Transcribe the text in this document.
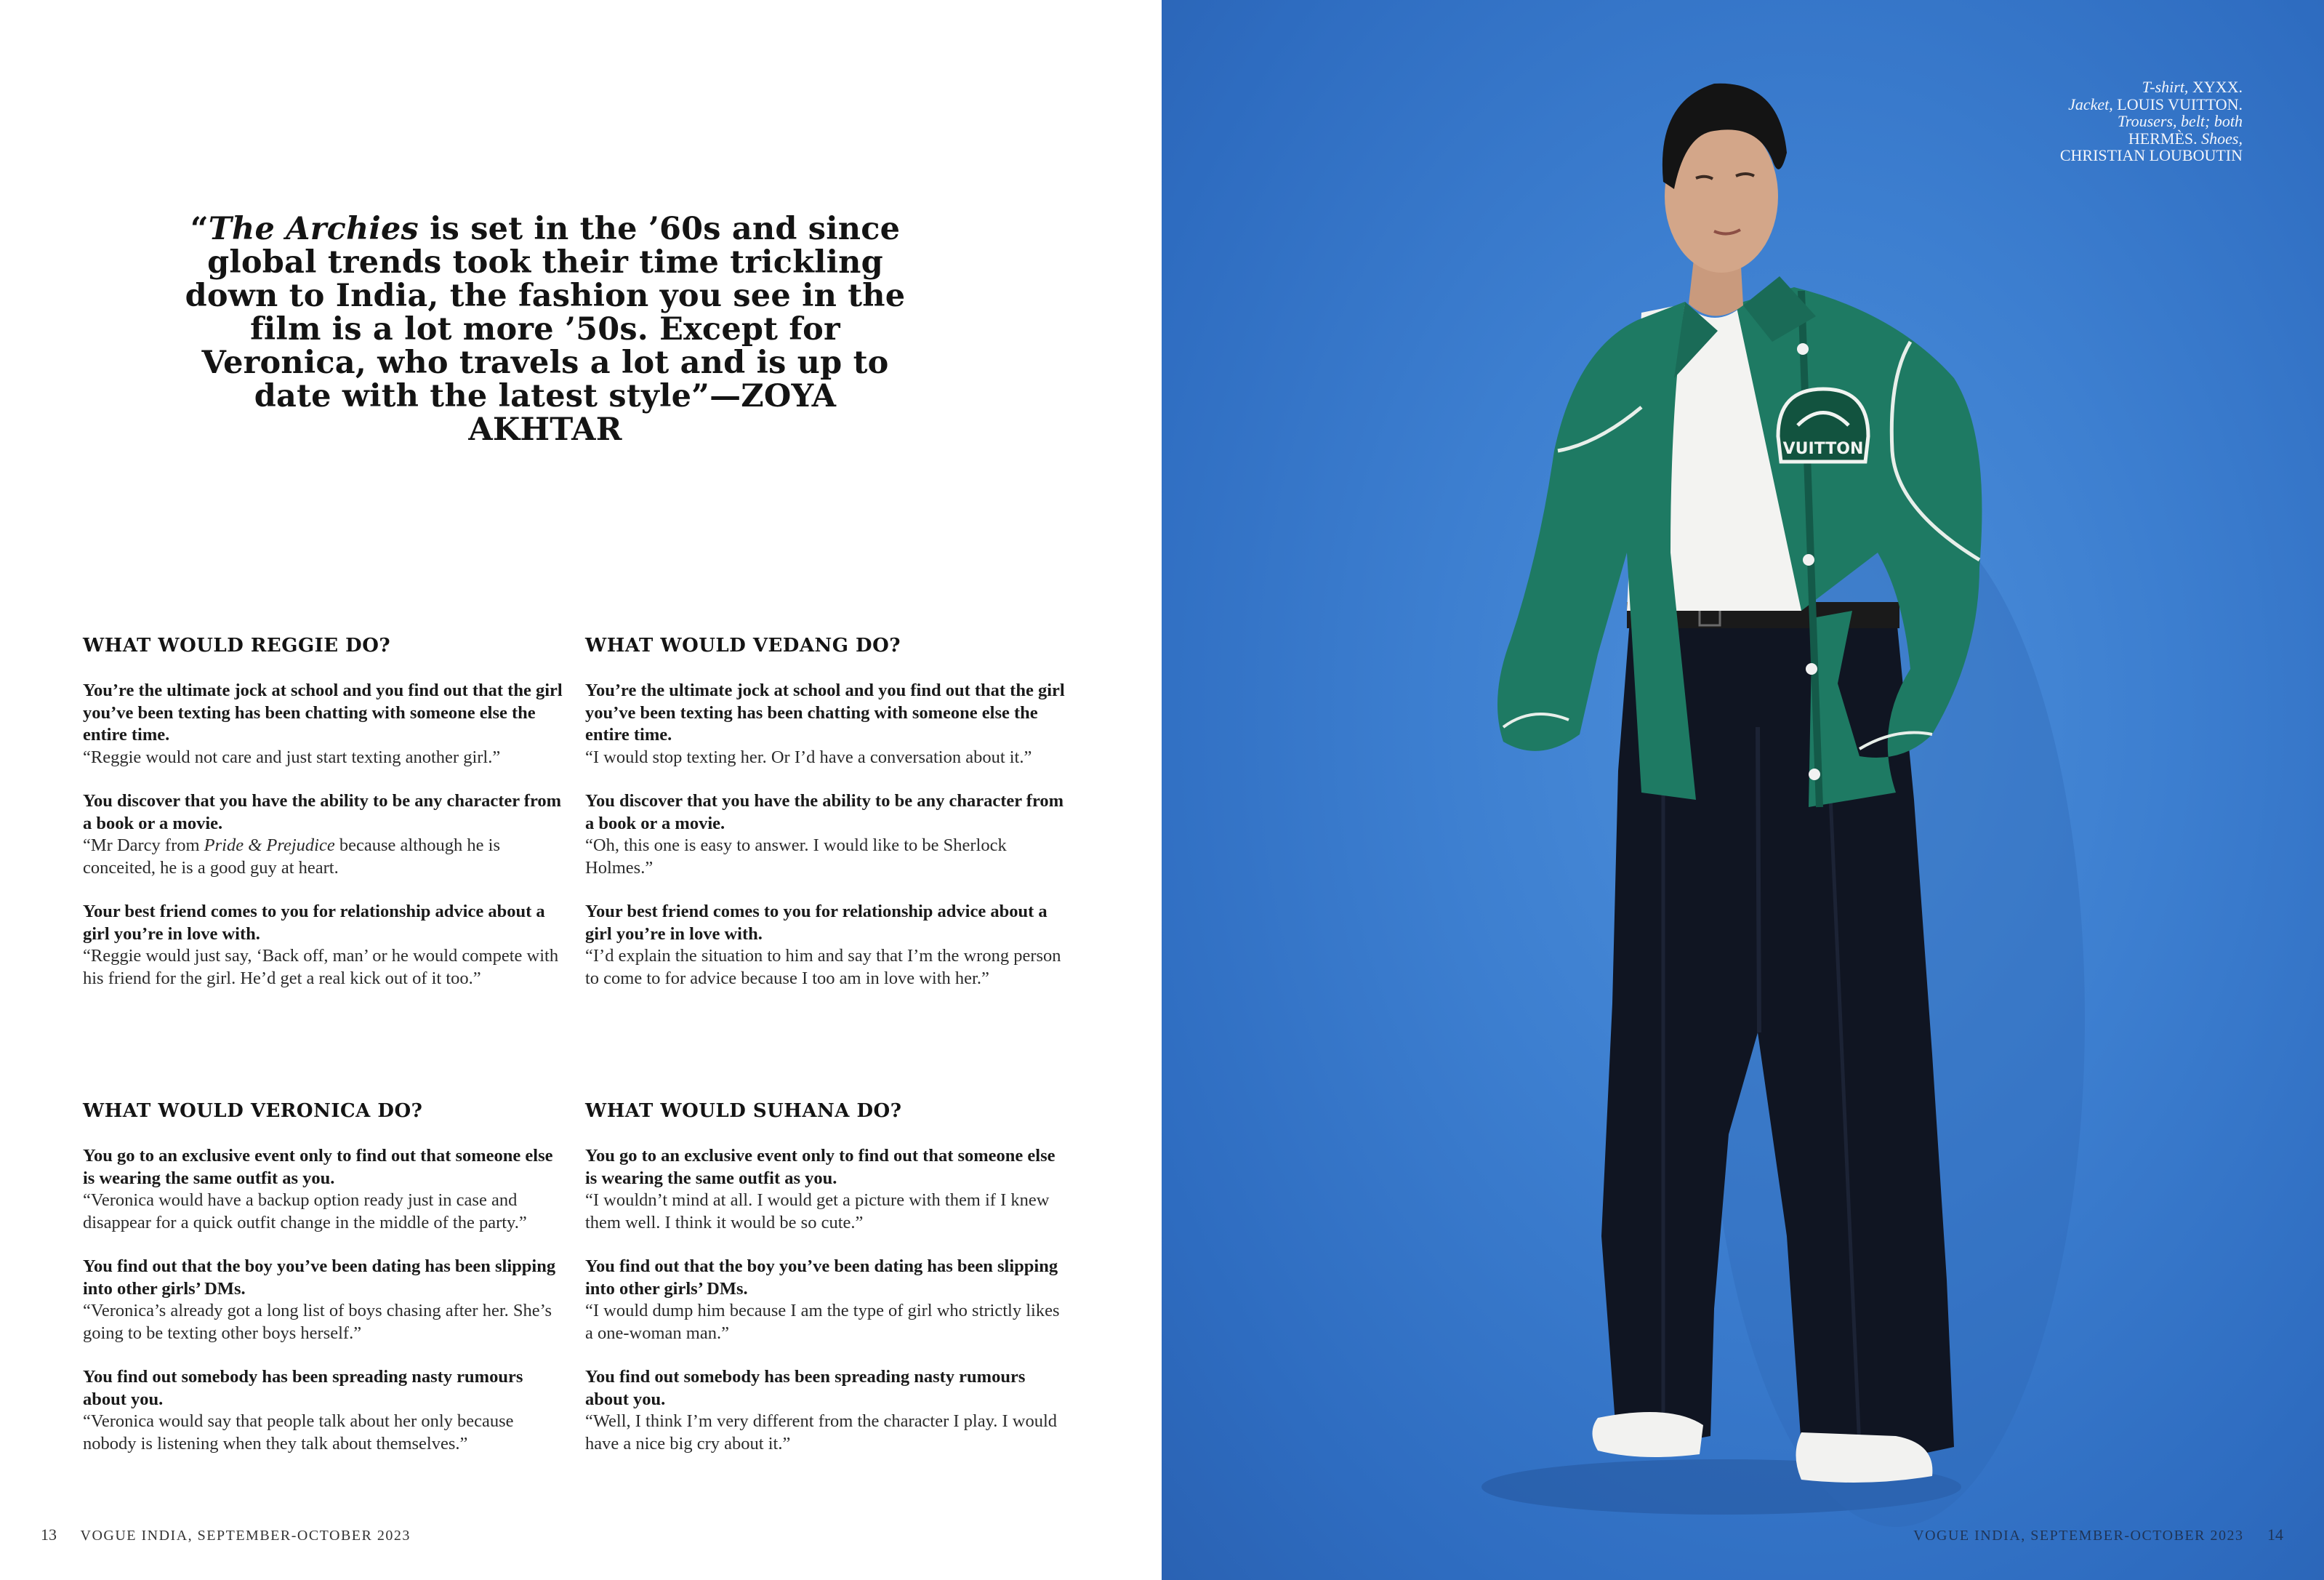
“The Archies is set in the ’60s and since global trends took their time trickling down to India, the fashion you see in the film is a lot more ’50s. Except for Veronica, who travels a lot and is up to date with the latest style”—ZOYA AKHTAR

WHAT WOULD REGGIE DO?
You’re the ultimate jock at school and you find out that the girl you’ve been texting has been chatting with someone else the entire time.
“Reggie would not care and just start texting another girl.”
You discover that you have the ability to be any character from a book or a movie.
“Mr Darcy from Pride & Prejudice because although he is conceited, he is a good guy at heart.
Your best friend comes to you for relationship advice about a girl you’re in love with.
“Reggie would just say, ‘Back off, man’ or he would compete with his friend for the girl. He’d get a real kick out of it too.”
WHAT WOULD VEDANG DO?
You’re the ultimate jock at school and you find out that the girl you’ve been texting has been chatting with someone else the entire time.
“I would stop texting her. Or I’d have a conversation about it.”
You discover that you have the ability to be any character from a book or a movie.
“Oh, this one is easy to answer. I would like to be Sherlock Holmes.”
Your best friend comes to you for relationship advice about a girl you’re in love with.
“I’d explain the situation to him and say that I’m the wrong person to come to for advice because I too am in love with her.”
WHAT WOULD VERONICA DO?
You go to an exclusive event only to find out that someone else is wearing the same outfit as you.
“Veronica would have a backup option ready just in case and disappear for a quick outfit change in the middle of the party.”
You find out that the boy you’ve been dating has been slipping into other girls’ DMs.
“Veronica’s already got a long list of boys chasing after her. She’s going to be texting other boys herself.”
You find out somebody has been spreading nasty rumours about you.
“Veronica would say that people talk about her only because nobody is listening when they talk about themselves.”
WHAT WOULD SUHANA DO?
You go to an exclusive event only to find out that someone else is wearing the same outfit as you.
“I wouldn’t mind at all. I would get a picture with them if I knew them well. I think it would be so cute.”
You find out that the boy you’ve been dating has been slipping into other girls’ DMs.
“I would dump him because I am the type of girl who strictly likes a one-woman man.”
You find out somebody has been spreading nasty rumours about you.
“Well, I think I’m very different from the character I play. I would have a nice big cry about it.”
13 VOGUE INDIA, SEPTEMBER-OCTOBER 2023
VUITTON
T-shirt, XYXX.
Jacket, LOUIS VUITTON.
Trousers, belt; both HERMÈS. Shoes,
CHRISTIAN LOUBOUTIN
VOGUE INDIA, SEPTEMBER-OCTOBER 2023 14
